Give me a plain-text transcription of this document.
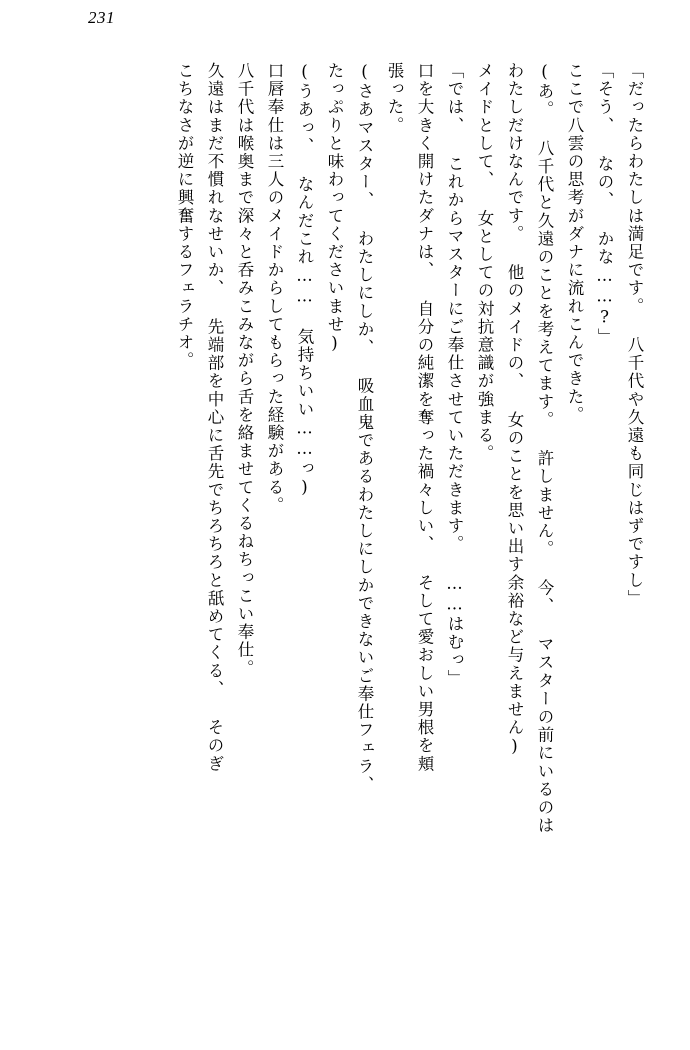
231
「だったらわたしは満足です。 八千代や久遠も同じはずですし」
「そう、 なの、 かな……?」
ここで八雲の思考がダナに流れこんできた。
(あ。 八千代と久遠のことを考えてます。 許しません。 今、 マスターの前にいるのは
わたしだけなんです。 他のメイドの、 女のことを思い出す余裕など与えません)
メイドとして、 女としての対抗意識が強まる。
「では、 これからマスターにご奉仕させていただきます。 ……はむっ」
口を大きく開けたダナは、 自分の純潔を奪った禍々しい、 そして愛おしい男根を頬
張った。
(さあマスター、 わたしにしか、 吸血鬼であるわたしにしかできないご奉仕フェラ、
たっぷりと味わってくださいませ)
(うあっ、 なんだこれ…… 気持ちいい……っ)
口唇奉仕は三人のメイドからしてもらった経験がある。
八千代は喉奥まで深々と呑みこみながら舌を絡ませてくるねちっこい奉仕。
久遠はまだ不慣れなせいか、 先端部を中心に舌先でちろちろと舐めてくる、 そのぎ
こちなさが逆に興奮するフェラチオ。
